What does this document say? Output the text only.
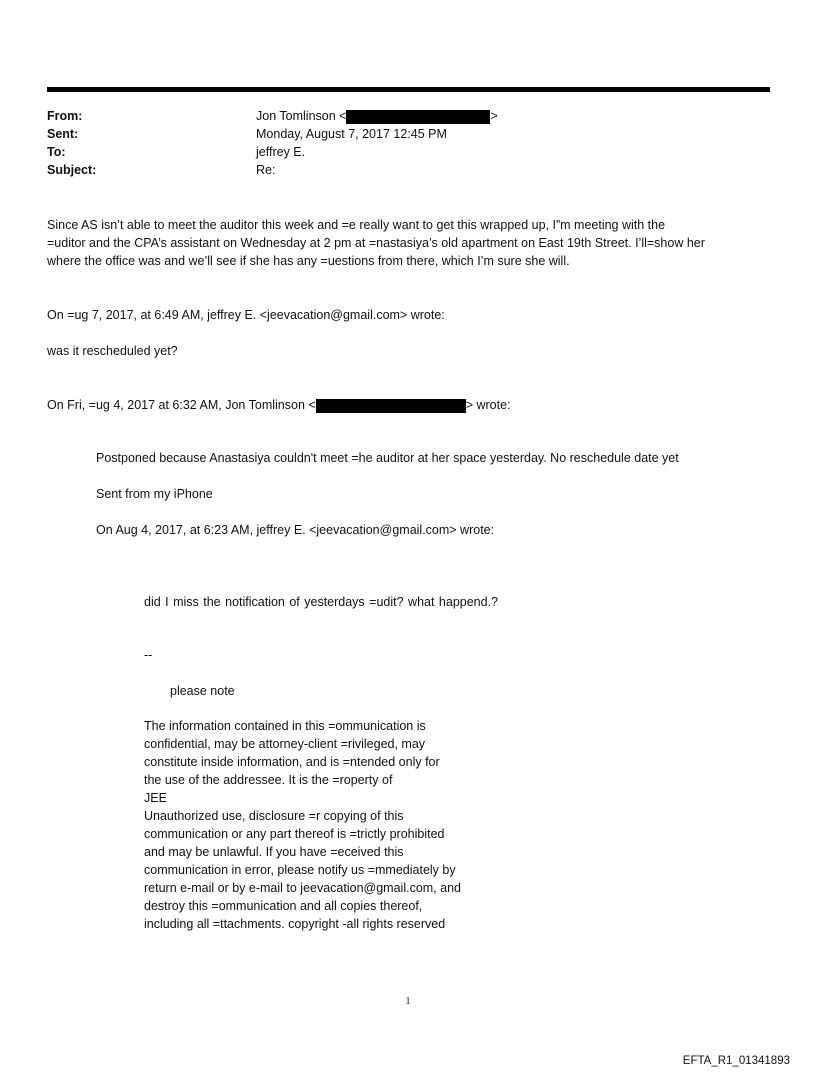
From:	Jon Tomlinson <	>
Sent:	Monday, August 7, 2017 12:45 PM
To:	jeffrey E.
Subject:	Re:
Since AS isn’t able to meet the auditor this week and =e really want to get this wrapped up, I”m meeting with the
=uditor and the CPA’s assistant on Wednesday at 2 pm at =nastasiya’s old apartment on East 19th Street. I’ll=show her
where the office was and we’ll see if she has any =uestions from there, which I’m sure she will.
On =ug 7, 2017, at 6:49 AM, jeffrey E. <jeevacation@gmail.com> wrote:
was it rescheduled yet?
On Fri, =ug 4, 2017 at 6:32 AM, Jon Tomlinson <	> wrote:
Postponed because Anastasiya couldn't meet =he auditor at her space yesterday. No reschedule date yet
Sent from my iPhone
On Aug 4, 2017, at 6:23 AM, jeffrey E. <jeevacation@gmail.com> wrote:
did I miss the notification of yesterdays =udit? what happend.?
--
please note
The information contained in this =ommunication is
confidential, may be attorney-client =rivileged, may
constitute inside information, and is =ntended only for
the use of the addressee. It is the =roperty of
JEE
Unauthorized use, disclosure =r copying of this
communication or any part thereof is =trictly prohibited
and may be unlawful. If you have =eceived this
communication in error, please notify us =mmediately by
return e-mail or by e-mail to jeevacation@gmail.com, and
destroy this =ommunication and all copies thereof,
including all =ttachments. copyright -all rights reserved
1
EFTA_R1_01341893
